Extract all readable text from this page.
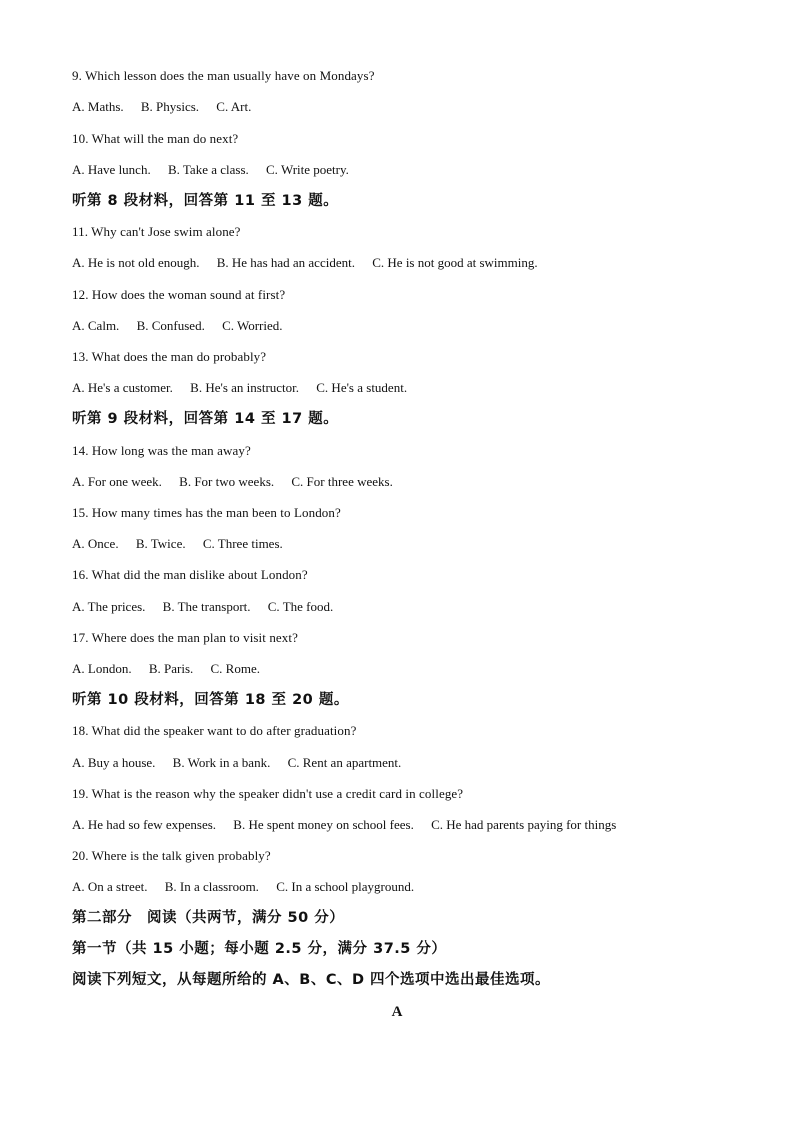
9. Which lesson does the man usually have on Mondays?
A. Maths. B. Physics. C. Art.
10. What will the man do next?
A. Have lunch. B. Take a class. C. Write poetry.
听第 8 段材料，回答第 11 至 13 题。
11. Why can't Jose swim alone?
A. He is not old enough. B. He has had an accident. C. He is not good at swimming.
12. How does the woman sound at first?
A. Calm. B. Confused. C. Worried.
13. What does the man do probably?
A. He's a customer. B. He's an instructor. C. He's a student.
听第 9 段材料，回答第 14 至 17 题。
14. How long was the man away?
A. For one week. B. For two weeks. C. For three weeks.
15. How many times has the man been to London?
A. Once. B. Twice. C. Three times.
16. What did the man dislike about London?
A. The prices. B. The transport. C. The food.
17. Where does the man plan to visit next?
A. London. B. Paris. C. Rome.
听第 10 段材料，回答第 18 至 20 题。
18. What did the speaker want to do after graduation?
A. Buy a house. B. Work in a bank. C. Rent an apartment.
19. What is the reason why the speaker didn't use a credit card in college?
A. He had so few expenses. B. He spent money on school fees. C. He had parents paying for things
20. Where is the talk given probably?
A. On a street. B. In a classroom. C. In a school playground.
第二部分　阅读（共两节，满分 50 分）
第一节（共 15 小题；每小题 2.5 分，满分 37.5 分）
阅读下列短文，从每题所给的 A、B、C、D 四个选项中选出最佳选项。
A
